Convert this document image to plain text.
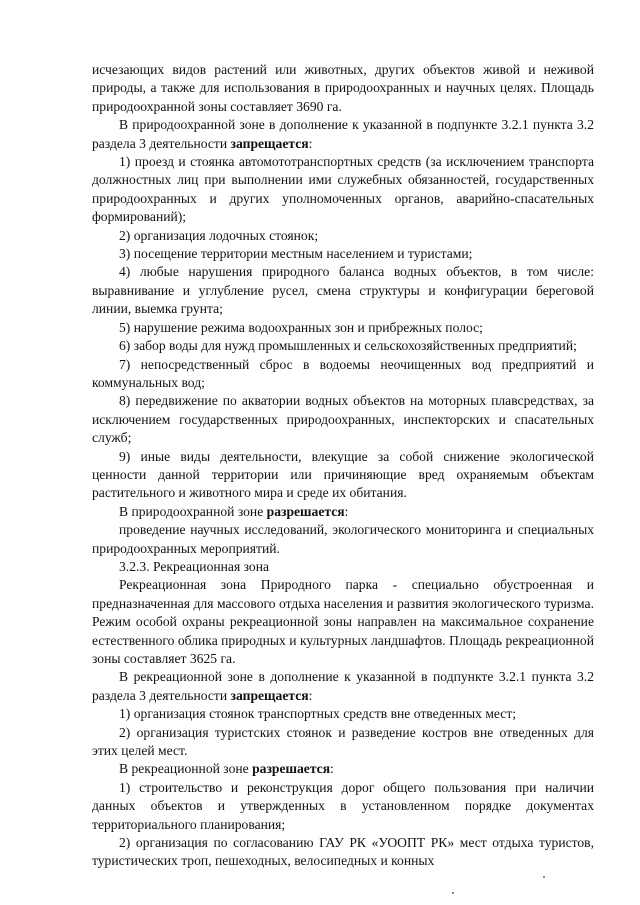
исчезающих видов растений или животных, других объектов живой и неживой природы, а также для использования в природоохранных и научных целях. Площадь природоохранной зоны составляет 3690 га.

В природоохранной зоне в дополнение к указанной в подпункте 3.2.1 пункта 3.2 раздела 3 деятельности запрещается:

1) проезд и стоянка автомототранспортных средств (за исключением транспорта должностных лиц при выполнении ими служебных обязанностей, государственных природоохранных и других уполномоченных органов, аварийно-спасательных формирований);

2) организация лодочных стоянок;

3) посещение территории местным населением и туристами;

4) любые нарушения природного баланса водных объектов, в том числе: выравнивание и углубление русел, смена структуры и конфигурации береговой линии, выемка грунта;

5) нарушение режима водоохранных зон и прибрежных полос;

6) забор воды для нужд промышленных и сельскохозяйственных предприятий;

7) непосредственный сброс в водоемы неочищенных вод предприятий и коммунальных вод;

8) передвижение по акватории водных объектов на моторных плавсредствах, за исключением государственных природоохранных, инспекторских и спасательных служб;

9) иные виды деятельности, влекущие за собой снижение экологической ценности данной территории или причиняющие вред охраняемым объектам растительного и животного мира и среде их обитания.

В природоохранной зоне разрешается:

проведение научных исследований, экологического мониторинга и специальных природоохранных мероприятий.

3.2.3. Рекреационная зона

Рекреационная зона Природного парка - специально обустроенная и предназначенная для массового отдыха населения и развития экологического туризма. Режим особой охраны рекреационной зоны направлен на максимальное сохранение естественного облика природных и культурных ландшафтов. Площадь рекреационной зоны составляет 3625 га.

В рекреационной зоне в дополнение к указанной в подпункте 3.2.1 пункта 3.2 раздела 3 деятельности запрещается:

1) организация стоянок транспортных средств вне отведенных мест;

2) организация туристских стоянок и разведение костров вне отведенных для этих целей мест.

В рекреационной зоне разрешается:

1) строительство и реконструкция дорог общего пользования при наличии данных объектов и утвержденных в установленном порядке документах территориального планирования;

2) организация по согласованию ГАУ РК «УООПТ РК» мест отдыха туристов, туристических троп, пешеходных, велосипедных и конных
